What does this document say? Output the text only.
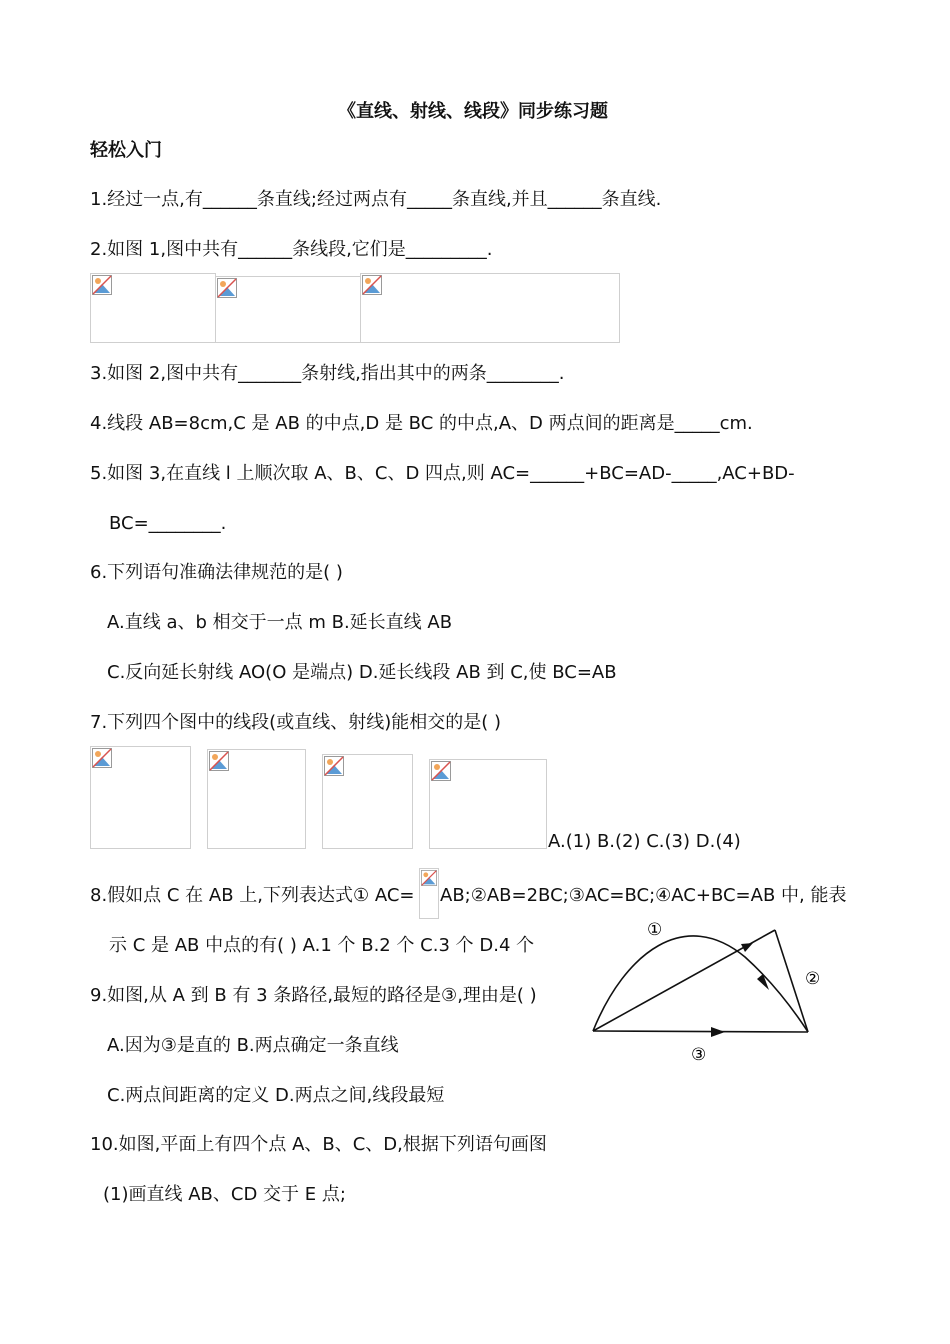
《直线、射线、线段》同步练习题
轻松入门
1.经过一点,有______条直线;经过两点有_____条直线,并且______条直线.
2.如图 1,图中共有______条线段,它们是_________.
3.如图 2,图中共有_______条射线,指出其中的两条________.
4.线段 AB=8cm,C 是 AB 的中点,D 是 BC 的中点,A、D 两点间的距离是_____cm.
5.如图 3,在直线 l 上顺次取 A、B、C、D 四点,则 AC=______+BC=AD-_____,AC+BD-
BC=________.
6.下列语句准确法律规范的是( )
A.直线 a、b 相交于一点 m B.延长直线 AB
C.反向延长射线 AO(O 是端点) D.延长线段 AB 到 C,使 BC=AB
7.下列四个图中的线段(或直线、射线)能相交的是( )
A.(1) B.(2) C.(3) D.(4)
8.假如点 C 在 AB 上,下列表达式① AC= AB;②AB=2BC;③AC=BC;④AC+BC=AB 中, 能表
示 C 是 AB 中点的有( ) A.1 个 B.2 个 C.3 个 D.4 个
9.如图,从 A 到 B 有 3 条路径,最短的路径是③,理由是( )
A.因为③是直的 B.两点确定一条直线
C.两点间距离的定义 D.两点之间,线段最短
①
②
③
10.如图,平面上有四个点 A、B、C、D,根据下列语句画图
(1)画直线 AB、CD 交于 E 点;
